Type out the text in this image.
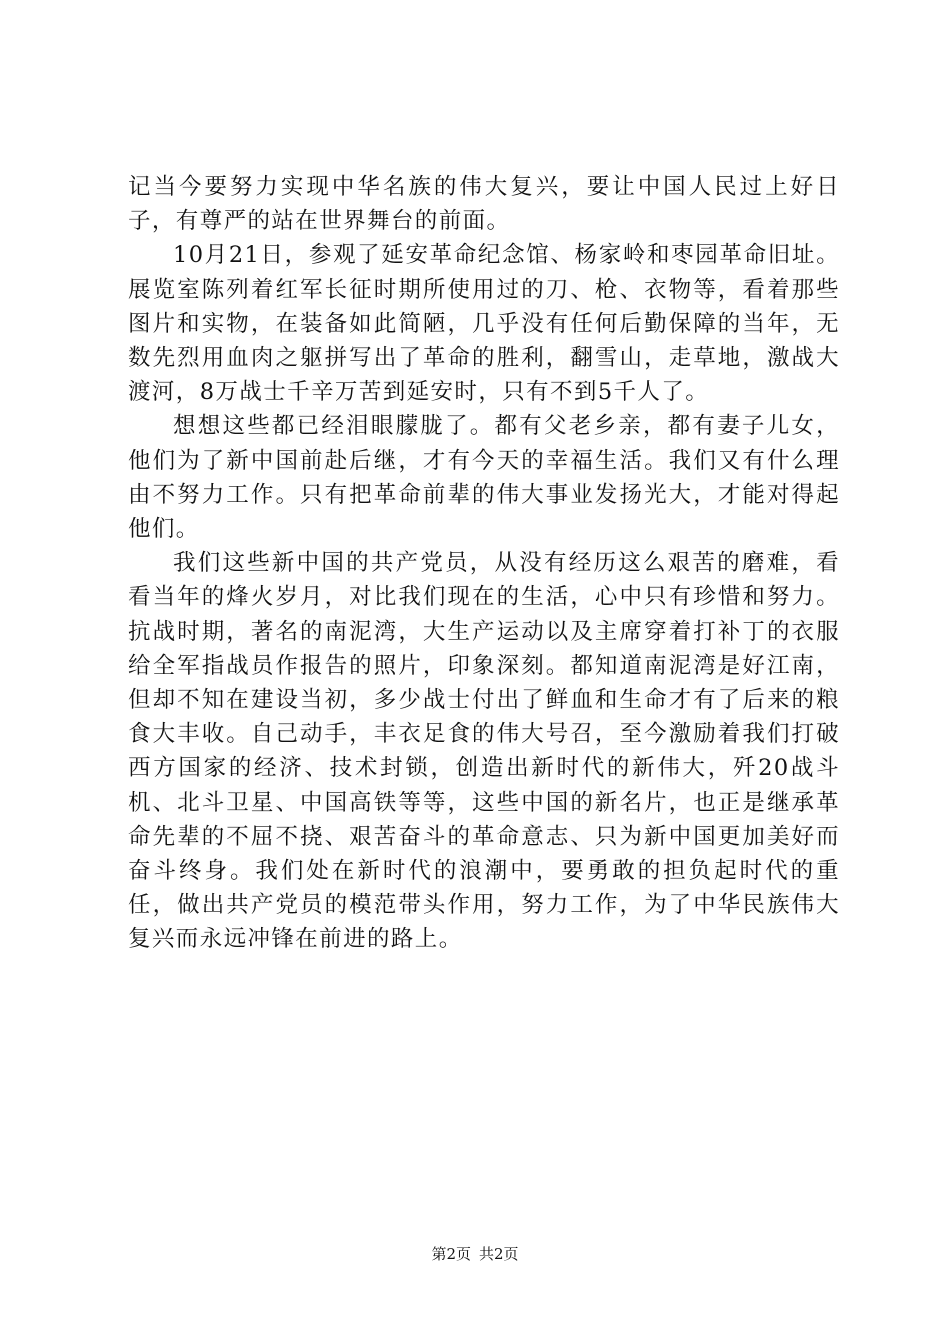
记当今要努力实现中华名族的伟大复兴，要让中国人民过上好日子，有尊严的站在世界舞台的前面。

10月21日，参观了延安革命纪念馆、杨家岭和枣园革命旧址。展览室陈列着红军长征时期所使用过的刀、枪、衣物等，看着那些图片和实物，在装备如此简陋，几乎没有任何后勤保障的当年，无数先烈用血肉之躯拼写出了革命的胜利，翻雪山，走草地，激战大渡河，8万战士千辛万苦到延安时，只有不到5千人了。

想想这些都已经泪眼朦胧了。都有父老乡亲，都有妻子儿女，他们为了新中国前赴后继，才有今天的幸福生活。我们又有什么理由不努力工作。只有把革命前辈的伟大事业发扬光大，才能对得起他们。

我们这些新中国的共产党员，从没有经历这么艰苦的磨难，看看当年的烽火岁月，对比我们现在的生活，心中只有珍惜和努力。抗战时期，著名的南泥湾，大生产运动以及主席穿着打补丁的衣服给全军指战员作报告的照片，印象深刻。都知道南泥湾是好江南，但却不知在建设当初，多少战士付出了鲜血和生命才有了后来的粮食大丰收。自己动手，丰衣足食的伟大号召，至今激励着我们打破西方国家的经济、技术封锁，创造出新时代的新伟大，歼20战斗机、北斗卫星、中国高铁等等，这些中国的新名片，也正是继承革命先辈的不屈不挠、艰苦奋斗的革命意志、只为新中国更加美好而奋斗终身。我们处在新时代的浪潮中，要勇敢的担负起时代的重任，做出共产党员的模范带头作用，努力工作，为了中华民族伟大复兴而永远冲锋在前进的路上。

第2页 共2页
